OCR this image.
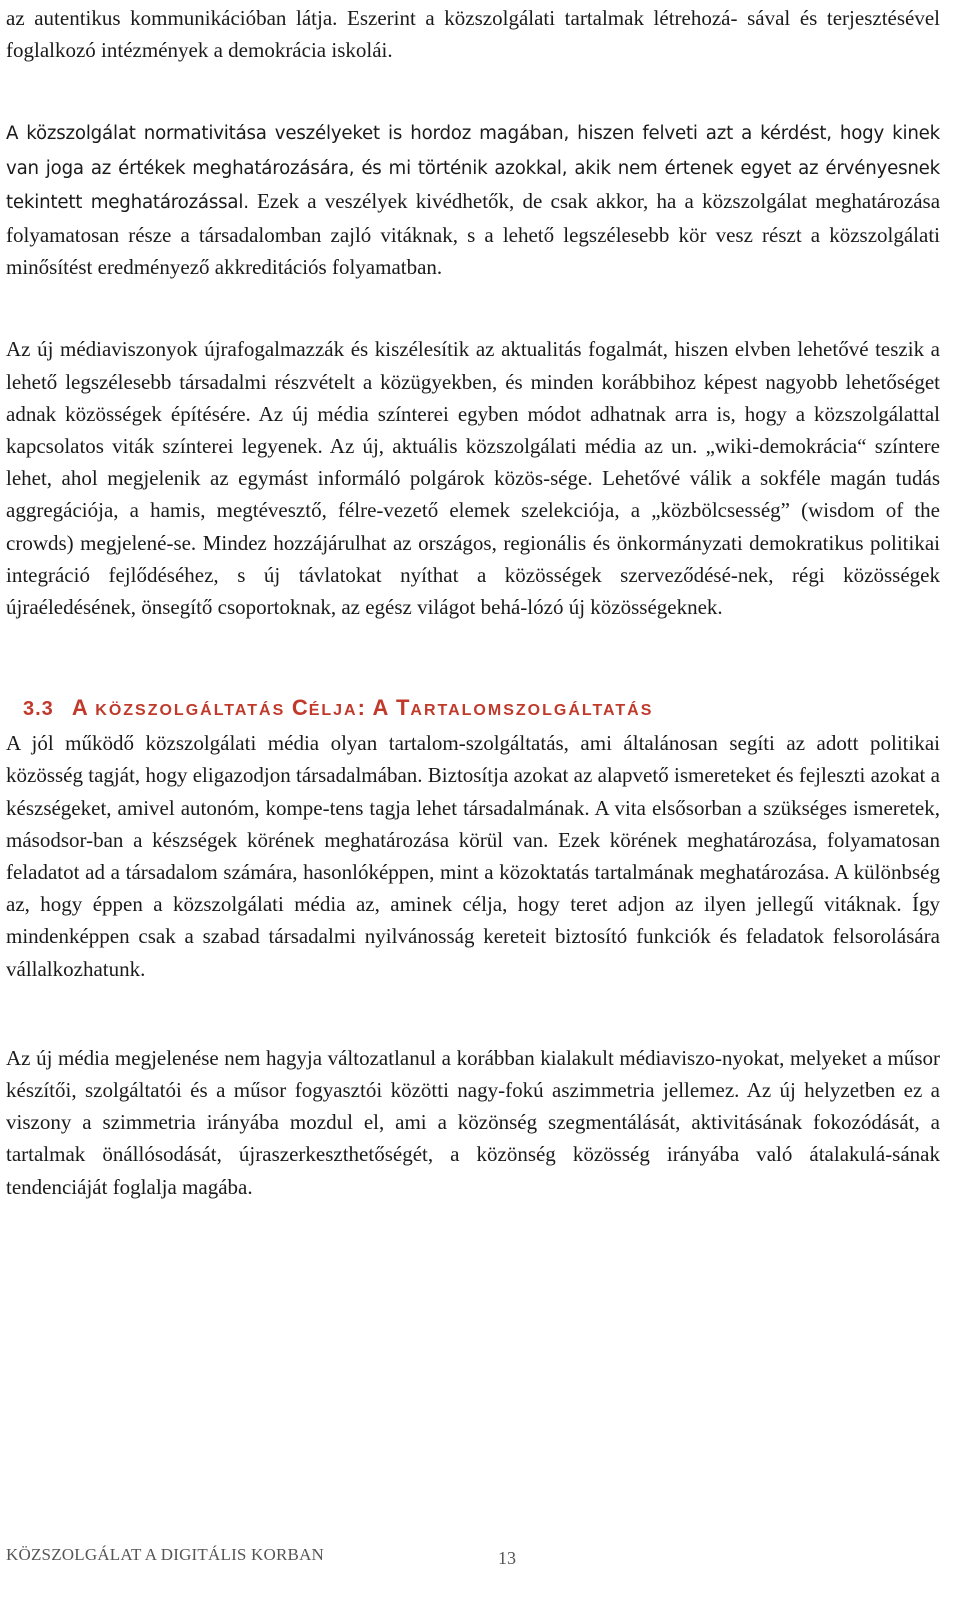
az autentikus kommunikációban látja. Eszerint a közszolgálati tartalmak létrehozá- sával és terjesztésével foglalkozó intézmények a demokrácia iskolái.

A közszolgálat normativitása veszélyeket is hordoz magában, hiszen felveti azt a kérdést, hogy kinek van joga az értékek meghatározására, és mi történik azokkal, akik nem értenek egyet az érvényesnek tekintett meghatározással. Ezek a veszélyek kivédhetők, de csak akkor, ha a közszolgálat meghatározása folyamatosan része a társadalomban zajló vitáknak, s a lehető legszélesebb kör vesz részt a közszolgálati minősítést eredményező akkreditációs folyamatban.

Az új médiaviszonyok újrafogalmazzák és kiszélesítik az aktualitás fogalmát, hiszen elvben lehetővé teszik a lehető legszélesebb társadalmi részvételt a közügyekben, és minden korábbihoz képest nagyobb lehetőséget adnak közösségek építésére. Az új média színterei egyben módot adhatnak arra is, hogy a közszolgálattal kapcsolatos viták színterei legyenek. Az új, aktuális közszolgálati média az un. „wiki-demokrácia“ színtere lehet, ahol megjelenik az egymást informáló polgárok közös-sége. Lehetővé válik a sokféle magán tudás aggregációja, a hamis, megtévesztő, félre-vezető elemek szelekciója, a „közbölcsesség” (wisdom of the crowds) megjelené-se. Mindez hozzájárulhat az országos, regionális és önkormányzati demokratikus politikai integráció fejlődéséhez, s új távlatokat nyíthat a közösségek szerveződésé-nek, régi közösségek újraéledésének, önsegítő csoportoknak, az egész világot behá-lózó új közösségeknek.

3.3 A KÖZSZOLGÁLTATÁS CÉLJA: A TARTALOMSZOLGÁLTATÁS

A jól működő közszolgálati média olyan tartalom-szolgáltatás, ami általánosan segíti az adott politikai közösség tagját, hogy eligazodjon társadalmában. Biztosítja azokat az alapvető ismereteket és fejleszti azokat a készségeket, amivel autonóm, kompe-tens tagja lehet társadalmának. A vita elsősorban a szükséges ismeretek, másodsor-ban a készségek körének meghatározása körül van. Ezek körének meghatározása, folyamatosan feladatot ad a társadalom számára, hasonlóképpen, mint a közoktatás tartalmának meghatározása. A különbség az, hogy éppen a közszolgálati média az, aminek célja, hogy teret adjon az ilyen jellegű vitáknak. Így mindenképpen csak a szabad társadalmi nyilvánosság kereteit biztosító funkciók és feladatok felsorolására vállalkozhatunk.

Az új média megjelenése nem hagyja változatlanul a korábban kialakult médiaviszo-nyokat, melyeket a műsor készítői, szolgáltatói és a műsor fogyasztói közötti nagy-fokú aszimmetria jellemez. Az új helyzetben ez a viszony a szimmetria irányába mozdul el, ami a közönség szegmentálását, aktivitásának fokozódását, a tartalmak önállósodását, újraszerkeszthetőségét, a közönség közösség irányába való átalakulá-sának tendenciáját foglalja magába.

KÖZSZOLGÁLAT A DIGITÁLIS KORBAN	13
